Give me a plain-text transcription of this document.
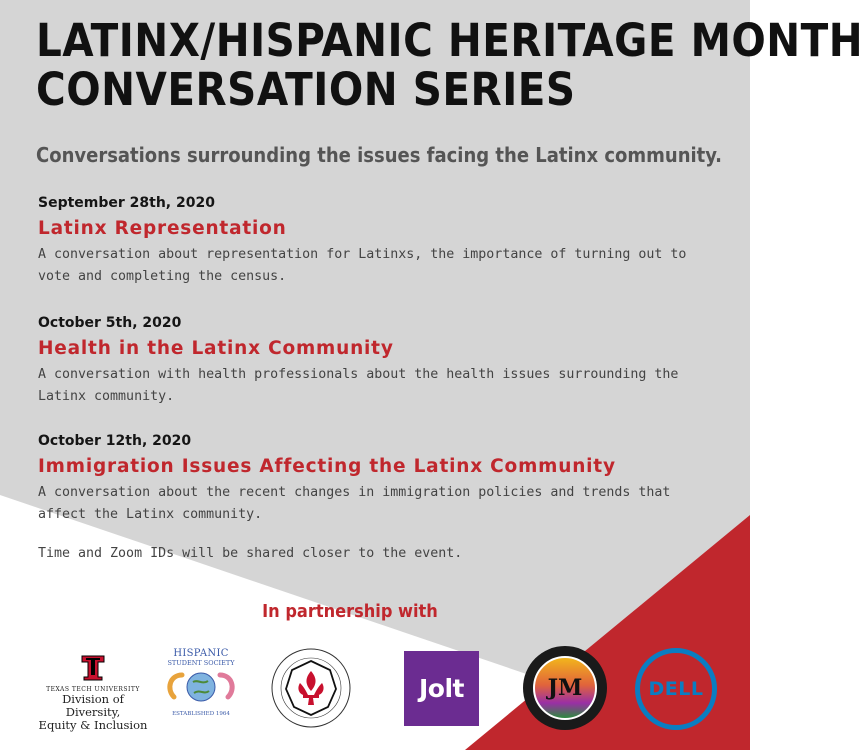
LATINX/HISPANIC HERITAGE MONTH
CONVERSATION SERIES

Conversations surrounding the issues facing the Latinx community.

September 28th, 2020

Latinx Representation

A conversation about representation for Latinxs, the importance of turning out to
vote and completing the census.

October 5th, 2020

Health in the Latinx Community

A conversation with health professionals about the health issues surrounding the
Latinx community.

October 12th, 2020

Immigration Issues Affecting the Latinx Community

A conversation about the recent changes in immigration policies and trends that
affect the Latinx community.

Time and Zoom IDs will be shared closer to the event.

In partnership with

TEXAS TECH UNIVERSITY
Division of Diversity,
Equity & Inclusion
HISPANIC
STUDENT SOCIETY
ESTABLISHED 1964
Jolt	JM	DELL
